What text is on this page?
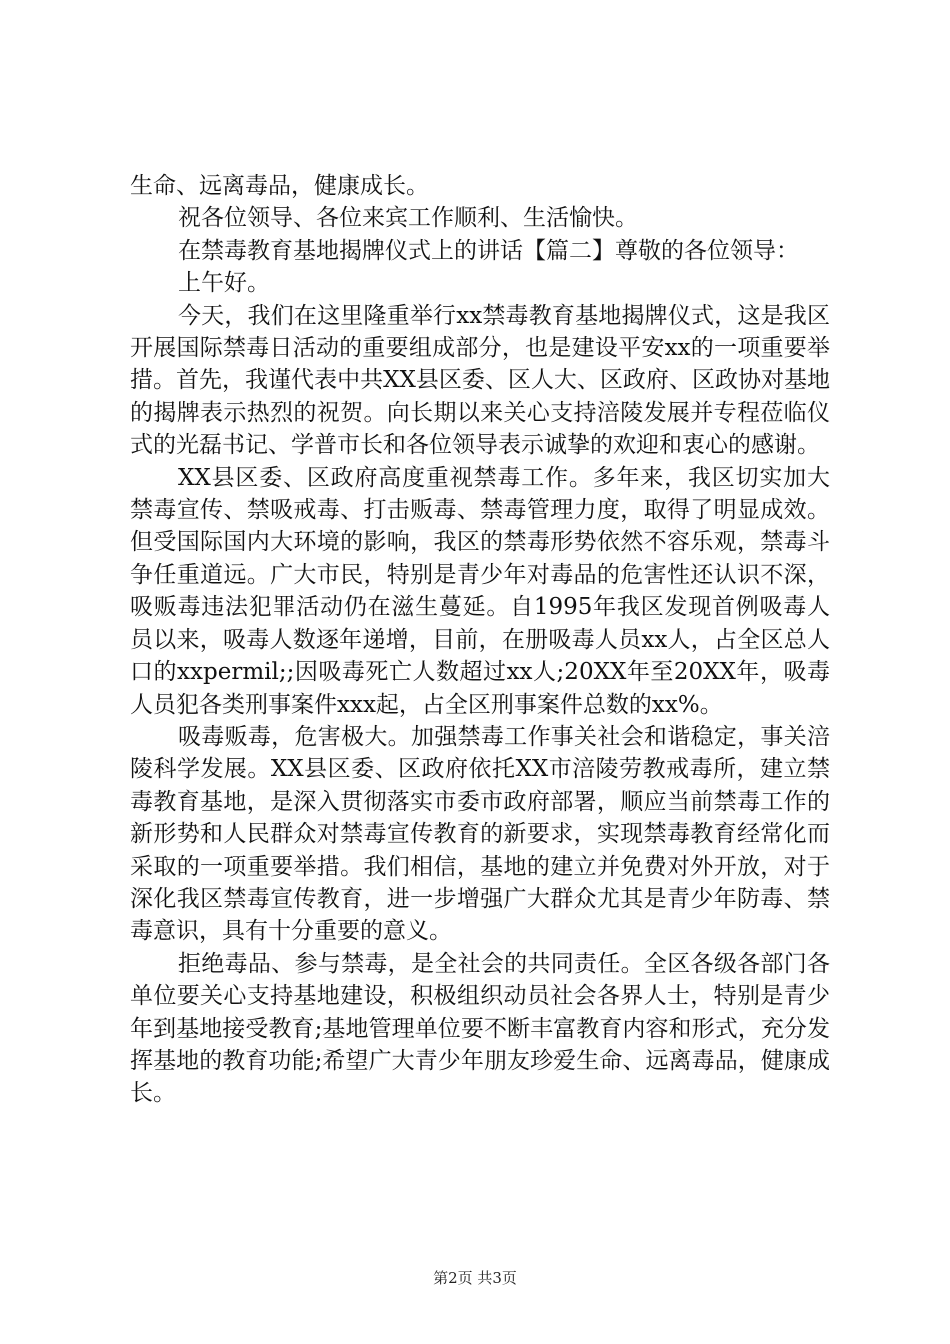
生命、远离毒品，健康成长。

祝各位领导、各位来宾工作顺利、生活愉快。

在禁毒教育基地揭牌仪式上的讲话【篇二】尊敬的各位领导：

上午好。

今天，我们在这里隆重举行xx禁毒教育基地揭牌仪式，这是我区开展国际禁毒日活动的重要组成部分，也是建设平安xx的一项重要举措。首先，我谨代表中共XX县区委、区人大、区政府、区政协对基地的揭牌表示热烈的祝贺。向长期以来关心支持涪陵发展并专程莅临仪式的光磊书记、学普市长和各位领导表示诚挚的欢迎和衷心的感谢。

XX县区委、区政府高度重视禁毒工作。多年来，我区切实加大禁毒宣传、禁吸戒毒、打击贩毒、禁毒管理力度，取得了明显成效。但受国际国内大环境的影响，我区的禁毒形势依然不容乐观，禁毒斗争任重道远。广大市民，特别是青少年对毒品的危害性还认识不深，吸贩毒违法犯罪活动仍在滋生蔓延。自1995年我区发现首例吸毒人员以来，吸毒人数逐年递增，目前，在册吸毒人员xx人，占全区总人口的xxpermil;;因吸毒死亡人数超过xx人;20XX年至20XX年，吸毒人员犯各类刑事案件xxx起，占全区刑事案件总数的xx%。

吸毒贩毒，危害极大。加强禁毒工作事关社会和谐稳定，事关涪陵科学发展。XX县区委、区政府依托XX市涪陵劳教戒毒所，建立禁毒教育基地，是深入贯彻落实市委市政府部署，顺应当前禁毒工作的新形势和人民群众对禁毒宣传教育的新要求，实现禁毒教育经常化而采取的一项重要举措。我们相信，基地的建立并免费对外开放，对于深化我区禁毒宣传教育，进一步增强广大群众尤其是青少年防毒、禁毒意识，具有十分重要的意义。

拒绝毒品、参与禁毒，是全社会的共同责任。全区各级各部门各单位要关心支持基地建设，积极组织动员社会各界人士，特别是青少年到基地接受教育;基地管理单位要不断丰富教育内容和形式，充分发挥基地的教育功能;希望广大青少年朋友珍爱生命、远离毒品，健康成长。

第2页 共3页
